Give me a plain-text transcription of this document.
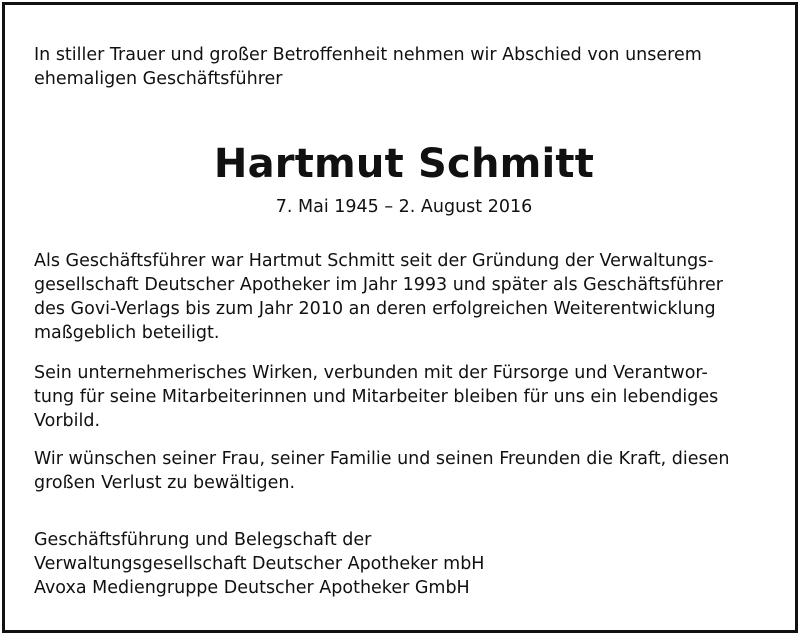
In stiller Trauer und großer Betroffenheit nehmen wir Abschied von unserem
ehemaligen Geschäftsführer
Hartmut Schmitt
7. Mai 1945 – 2. August 2016
Als Geschäftsführer war Hartmut Schmitt seit der Gründung der Verwaltungs-
gesellschaft Deutscher Apotheker im Jahr 1993 und später als Geschäftsführer
des Govi-Verlags bis zum Jahr 2010 an deren erfolgreichen Weiterentwicklung
maßgeblich beteiligt.
Sein unternehmerisches Wirken, verbunden mit der Fürsorge und Verantwor-
tung für seine Mitarbeiterinnen und Mitarbeiter bleiben für uns ein lebendiges
Vorbild.
Wir wünschen seiner Frau, seiner Familie und seinen Freunden die Kraft, diesen
großen Verlust zu bewältigen.
Geschäftsführung und Belegschaft der
Verwaltungsgesellschaft Deutscher Apotheker mbH
Avoxa Mediengruppe Deutscher Apotheker GmbH
